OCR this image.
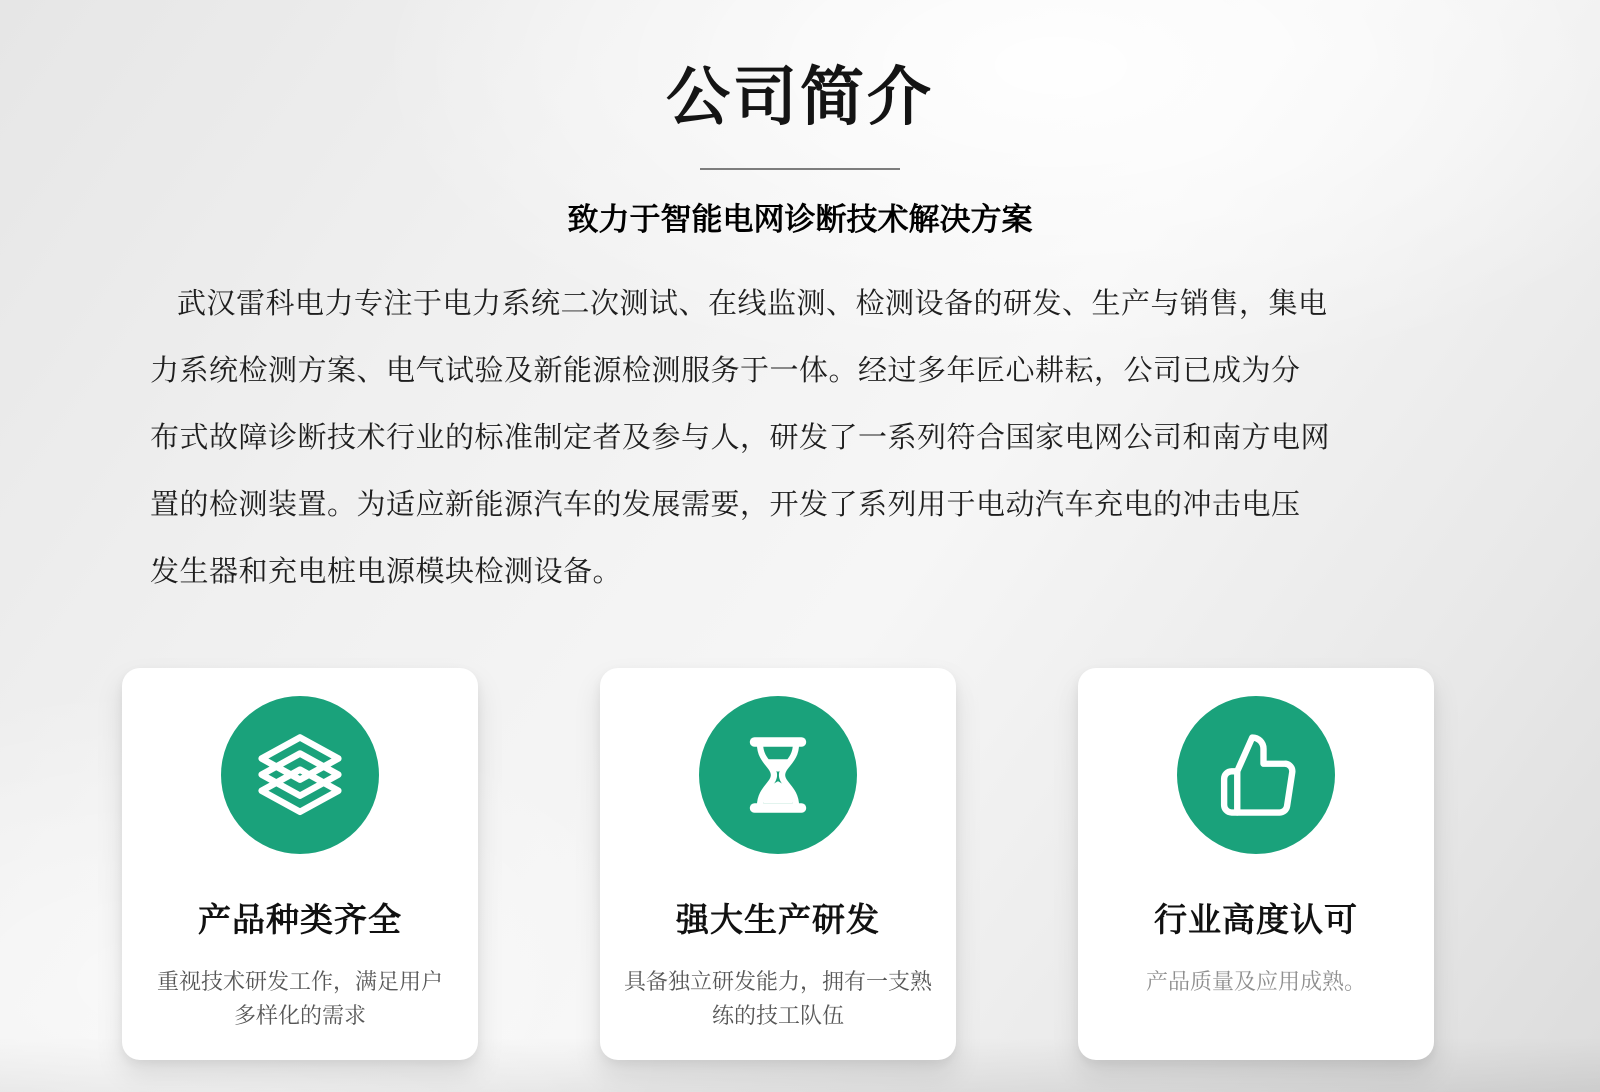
公司简介
致力于智能电网诊断技术解决方案
武汉雷科电力专注于电力系统二次测试、在线监测、检测设备的研发、生产与销售，集电
力系统检测方案、电气试验及新能源检测服务于一体。经过多年匠心耕耘，公司已成为分
布式故障诊断技术行业的标准制定者及参与人，研发了一系列符合国家电网公司和南方电网
置的检测装置。为适应新能源汽车的发展需要，开发了系列用于电动汽车充电的冲击电压
发生器和充电桩电源模块检测设备。
产品种类齐全
重视技术研发工作，满足用户
多样化的需求
强大生产研发
具备独立研发能力，拥有一支熟
练的技工队伍
行业高度认可
产品质量及应用成熟。
